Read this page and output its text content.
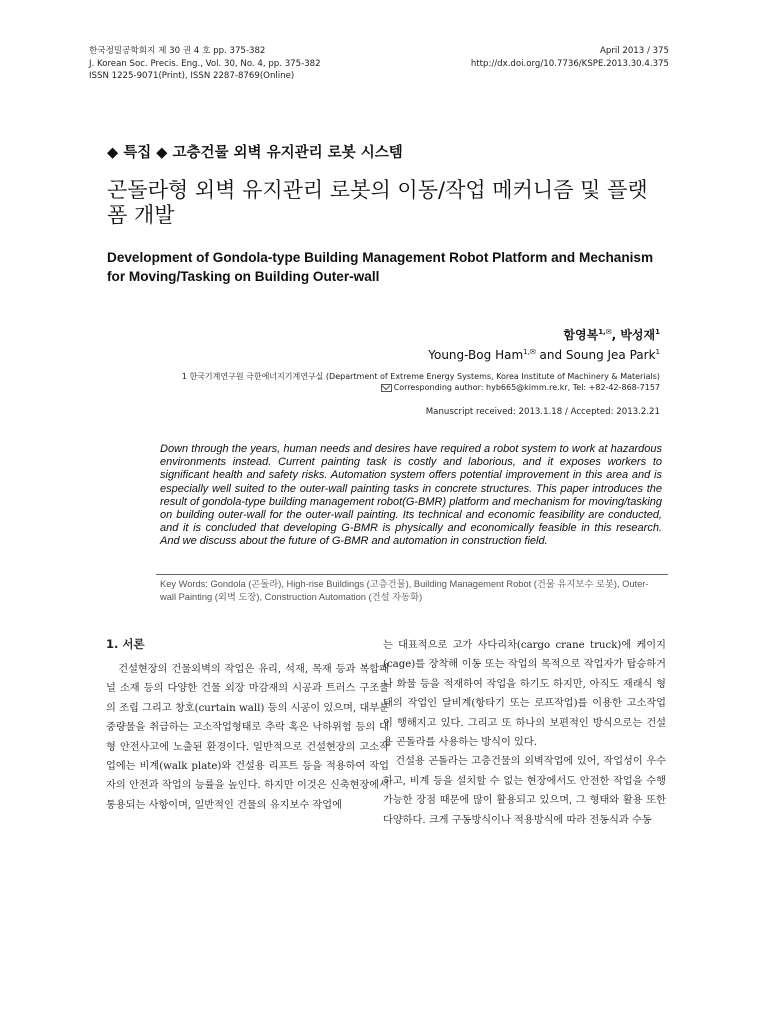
한국정밀공학회지 제 30 권 4 호 pp. 375-382
J. Korean Soc. Precis. Eng., Vol. 30, No. 4, pp. 375-382
ISSN 1225-9071(Print), ISSN 2287-8769(Online)
April 2013 / 375
http://dx.doi.org/10.7736/KSPE.2013.30.4.375
◆ 특집 ◆ 고층건물 외벽 유지관리 로봇 시스템
곤돌라형 외벽 유지관리 로봇의 이동/작업 메커니즘 및 플랫폼 개발
Development of Gondola-type Building Management Robot Platform and Mechanism for Moving/Tasking on Building Outer-wall
함영복$^{1,✉}$, 박성재$^1$
Young-Bog Ham$^{1,✉}$ and Soung Jea Park$^1$
1 한국기계연구원 극한에너지기계연구실 (Department of Extreme Energy Systems, Korea Institute of Machinery & Materials)
Corresponding author: hyb665@kimm.re.kr, Tel: +82-42-868-7157
Manuscript received: 2013.1.18 / Accepted: 2013.2.21
Down through the years, human needs and desires have required a robot system to work at hazardous environments instead. Current painting task is costly and laborious, and it exposes workers to significant health and safety risks. Automation system offers potential improvement in this area and is especially well suited to the outer-wall painting tasks in concrete structures. This paper introduces the result of gondola-type building management robot(G-BMR) platform and mechanism for moving/tasking on building outer-wall for the outer-wall painting. Its technical and economic feasibility are conducted, and it is concluded that developing G-BMR is physically and economically feasible in this research. And we discuss about the future of G-BMR and automation in construction field.
Key Words: Gondola (곤돌라), High-rise Buildings (고층건물), Building Management Robot (건물 유지보수 로봇), Outer-wall Painting (외벽 도장), Construction Automation (건설 자동화)
1. 서론

건설현장의 건물외벽의 작업은 유리, 석재, 목재 등과 복합패널 소재 등의 다양한 건물 외장 마감재의 시공과 트러스 구조물의 조립 그리고 창호(curtain wall) 등의 시공이 있으며, 대부분 중량물을 취급하는 고소작업형태로 추락 혹은 낙하위험 등의 대형 안전사고에 노출된 환경이다. 일반적으로 건설현장의 고소작업에는 비계(walk plate)와 건설용 리프트 등을 적용하여 작업자의 안전과 작업의 능률을 높인다. 하지만 이것은 신축현장에서 통용되는 사항이며, 일반적인 건물의 유지보수 작업에

는 대표적으로 고가 사다리차(cargo crane truck)에 케이지(cage)를 장착해 이동 또는 작업의 목적으로 작업자가 탑승하거나 화물 등을 적재하여 작업을 하기도 하지만, 아직도 재래식 형태의 작업인 달비계(항타기 또는 로프작업)를 이용한 고소작업이 행해지고 있다. 그리고 또 하나의 보편적인 방식으로는 건설용 곤돌라를 사용하는 방식이 있다.

건설용 곤돌라는 고층건물의 외벽작업에 있어, 작업성이 우수하고, 비계 등을 설치할 수 없는 현장에서도 안전한 작업을 수행 가능한 장점 때문에 많이 활용되고 있으며, 그 형태와 활용 또한 다양하다. 크게 구동방식이나 적용방식에 따라 전동식과 수동
